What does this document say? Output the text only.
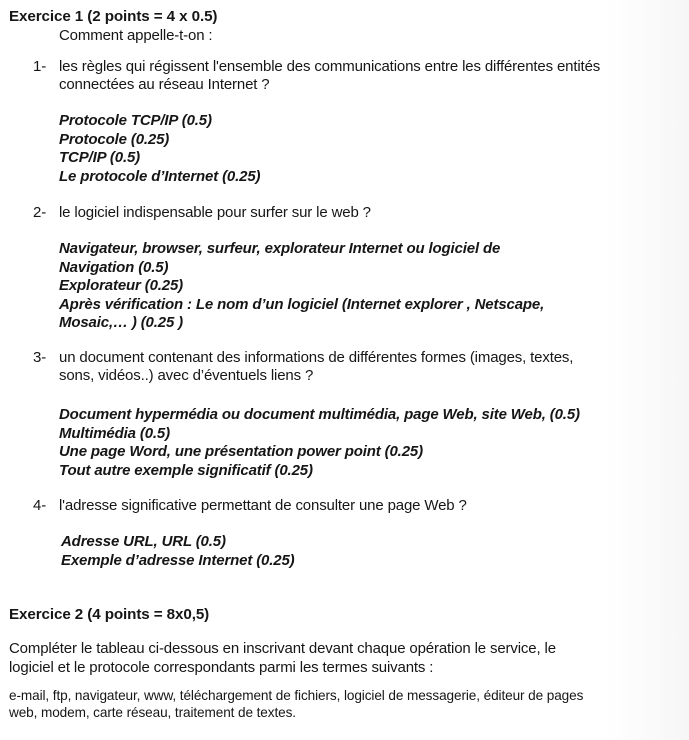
Exercice 1 (2 points = 4 x 0.5)
Comment appelle-t-on :
1- les règles qui régissent l'ensemble des communications entre les différentes entités
connectées au réseau Internet ?
Protocole TCP/IP (0.5)
Protocole (0.25)
TCP/IP (0.5)
Le protocole d’Internet (0.25)
2- le logiciel indispensable pour surfer sur le web ?
Navigateur, browser, surfeur, explorateur Internet ou logiciel de
Navigation (0.5)
Explorateur (0.25)
Après vérification : Le nom d’un logiciel (Internet explorer , Netscape,
Mosaic,… ) (0.25 )
3- un document contenant des informations de différentes formes (images, textes,
sons, vidéos..) avec d’éventuels liens ?
Document hypermédia ou document multimédia, page Web, site Web, (0.5)
Multimédia (0.5)
Une page Word, une présentation power point (0.25)
Tout autre exemple significatif (0.25)
4- l'adresse significative permettant de consulter une page Web ?
Adresse URL, URL (0.5)
Exemple d’adresse Internet (0.25)
Exercice 2 (4 points = 8x0,5)
Compléter le tableau ci-dessous en inscrivant devant chaque opération le service, le
logiciel et le protocole correspondants parmi les termes suivants :
e-mail, ftp, navigateur, www, téléchargement de fichiers, logiciel de messagerie, éditeur de pages
web, modem, carte réseau, traitement de textes.
